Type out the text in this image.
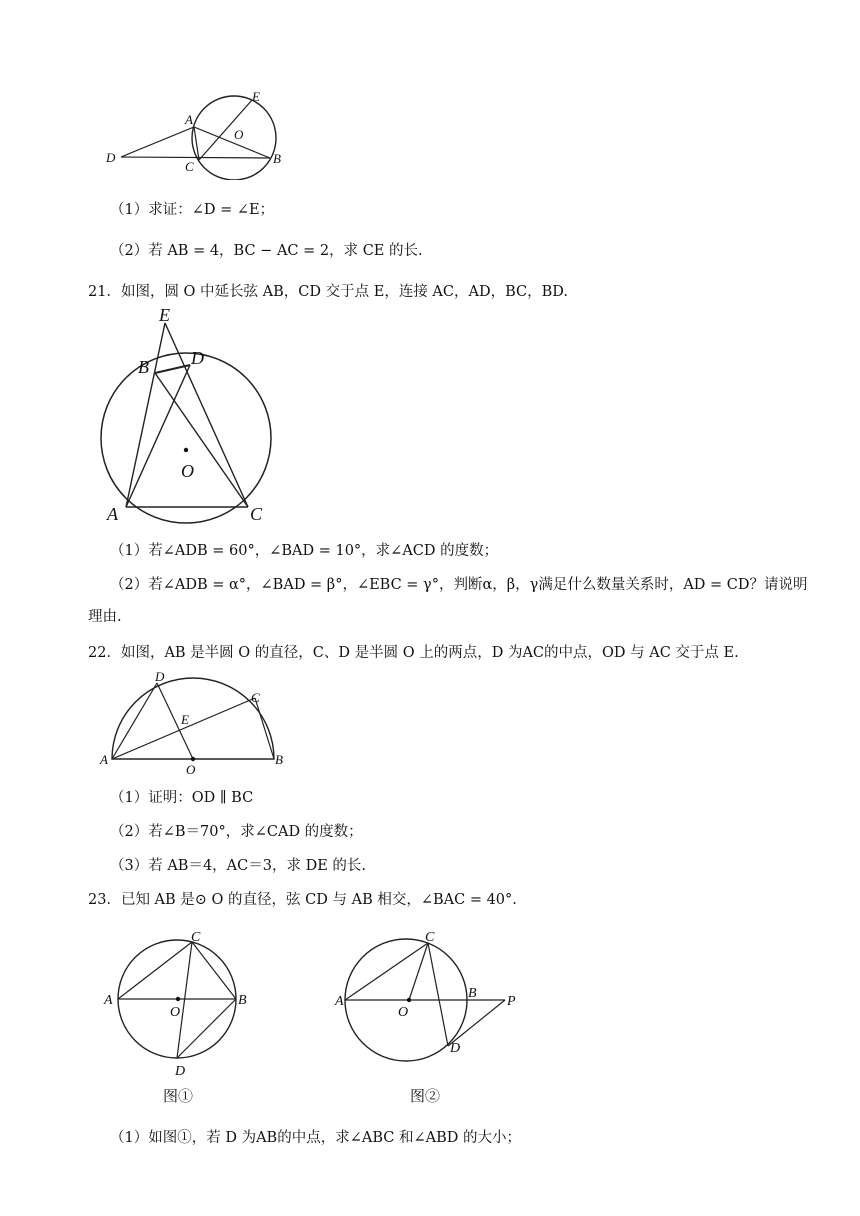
A
E
O
D
C
B
（1）求证：∠D = ∠E；
（2）若 AB = 4，BC − AC = 2，求 CE 的长.
21．如图，圆 O 中延长弦 AB，CD 交于点 E，连接 AC，AD，BC，BD.
E
B D
O
A	C
（1）若∠ADB = 60°，∠BAD = 10°，求∠ACD 的度数；
（2）若∠ADB = α°，∠BAD = β°，∠EBC = γ°，判断α，β，γ满足什么数量关系时，AD = CD？请说明
理由.
22．如图，AB 是半圆 O 的直径，C、D 是半圆 O 上的两点，D 为AC的中点，OD 与 AC 交于点 E.
D
C
E
A
O
B
（1）证明：OD ∥ BC
（2）若∠B＝70°，求∠CAD 的度数；
（3）若 AB＝4，AC＝3，求 DE 的长.
23．已知 AB 是⊙ O 的直径，弦 CD 与 AB 相交，∠BAC = 40°.
C
A	B
O
D
图①
C
A
B
P
O
D
图②
（1）如图①，若 D 为AB的中点，求∠ABC 和∠ABD 的大小；
